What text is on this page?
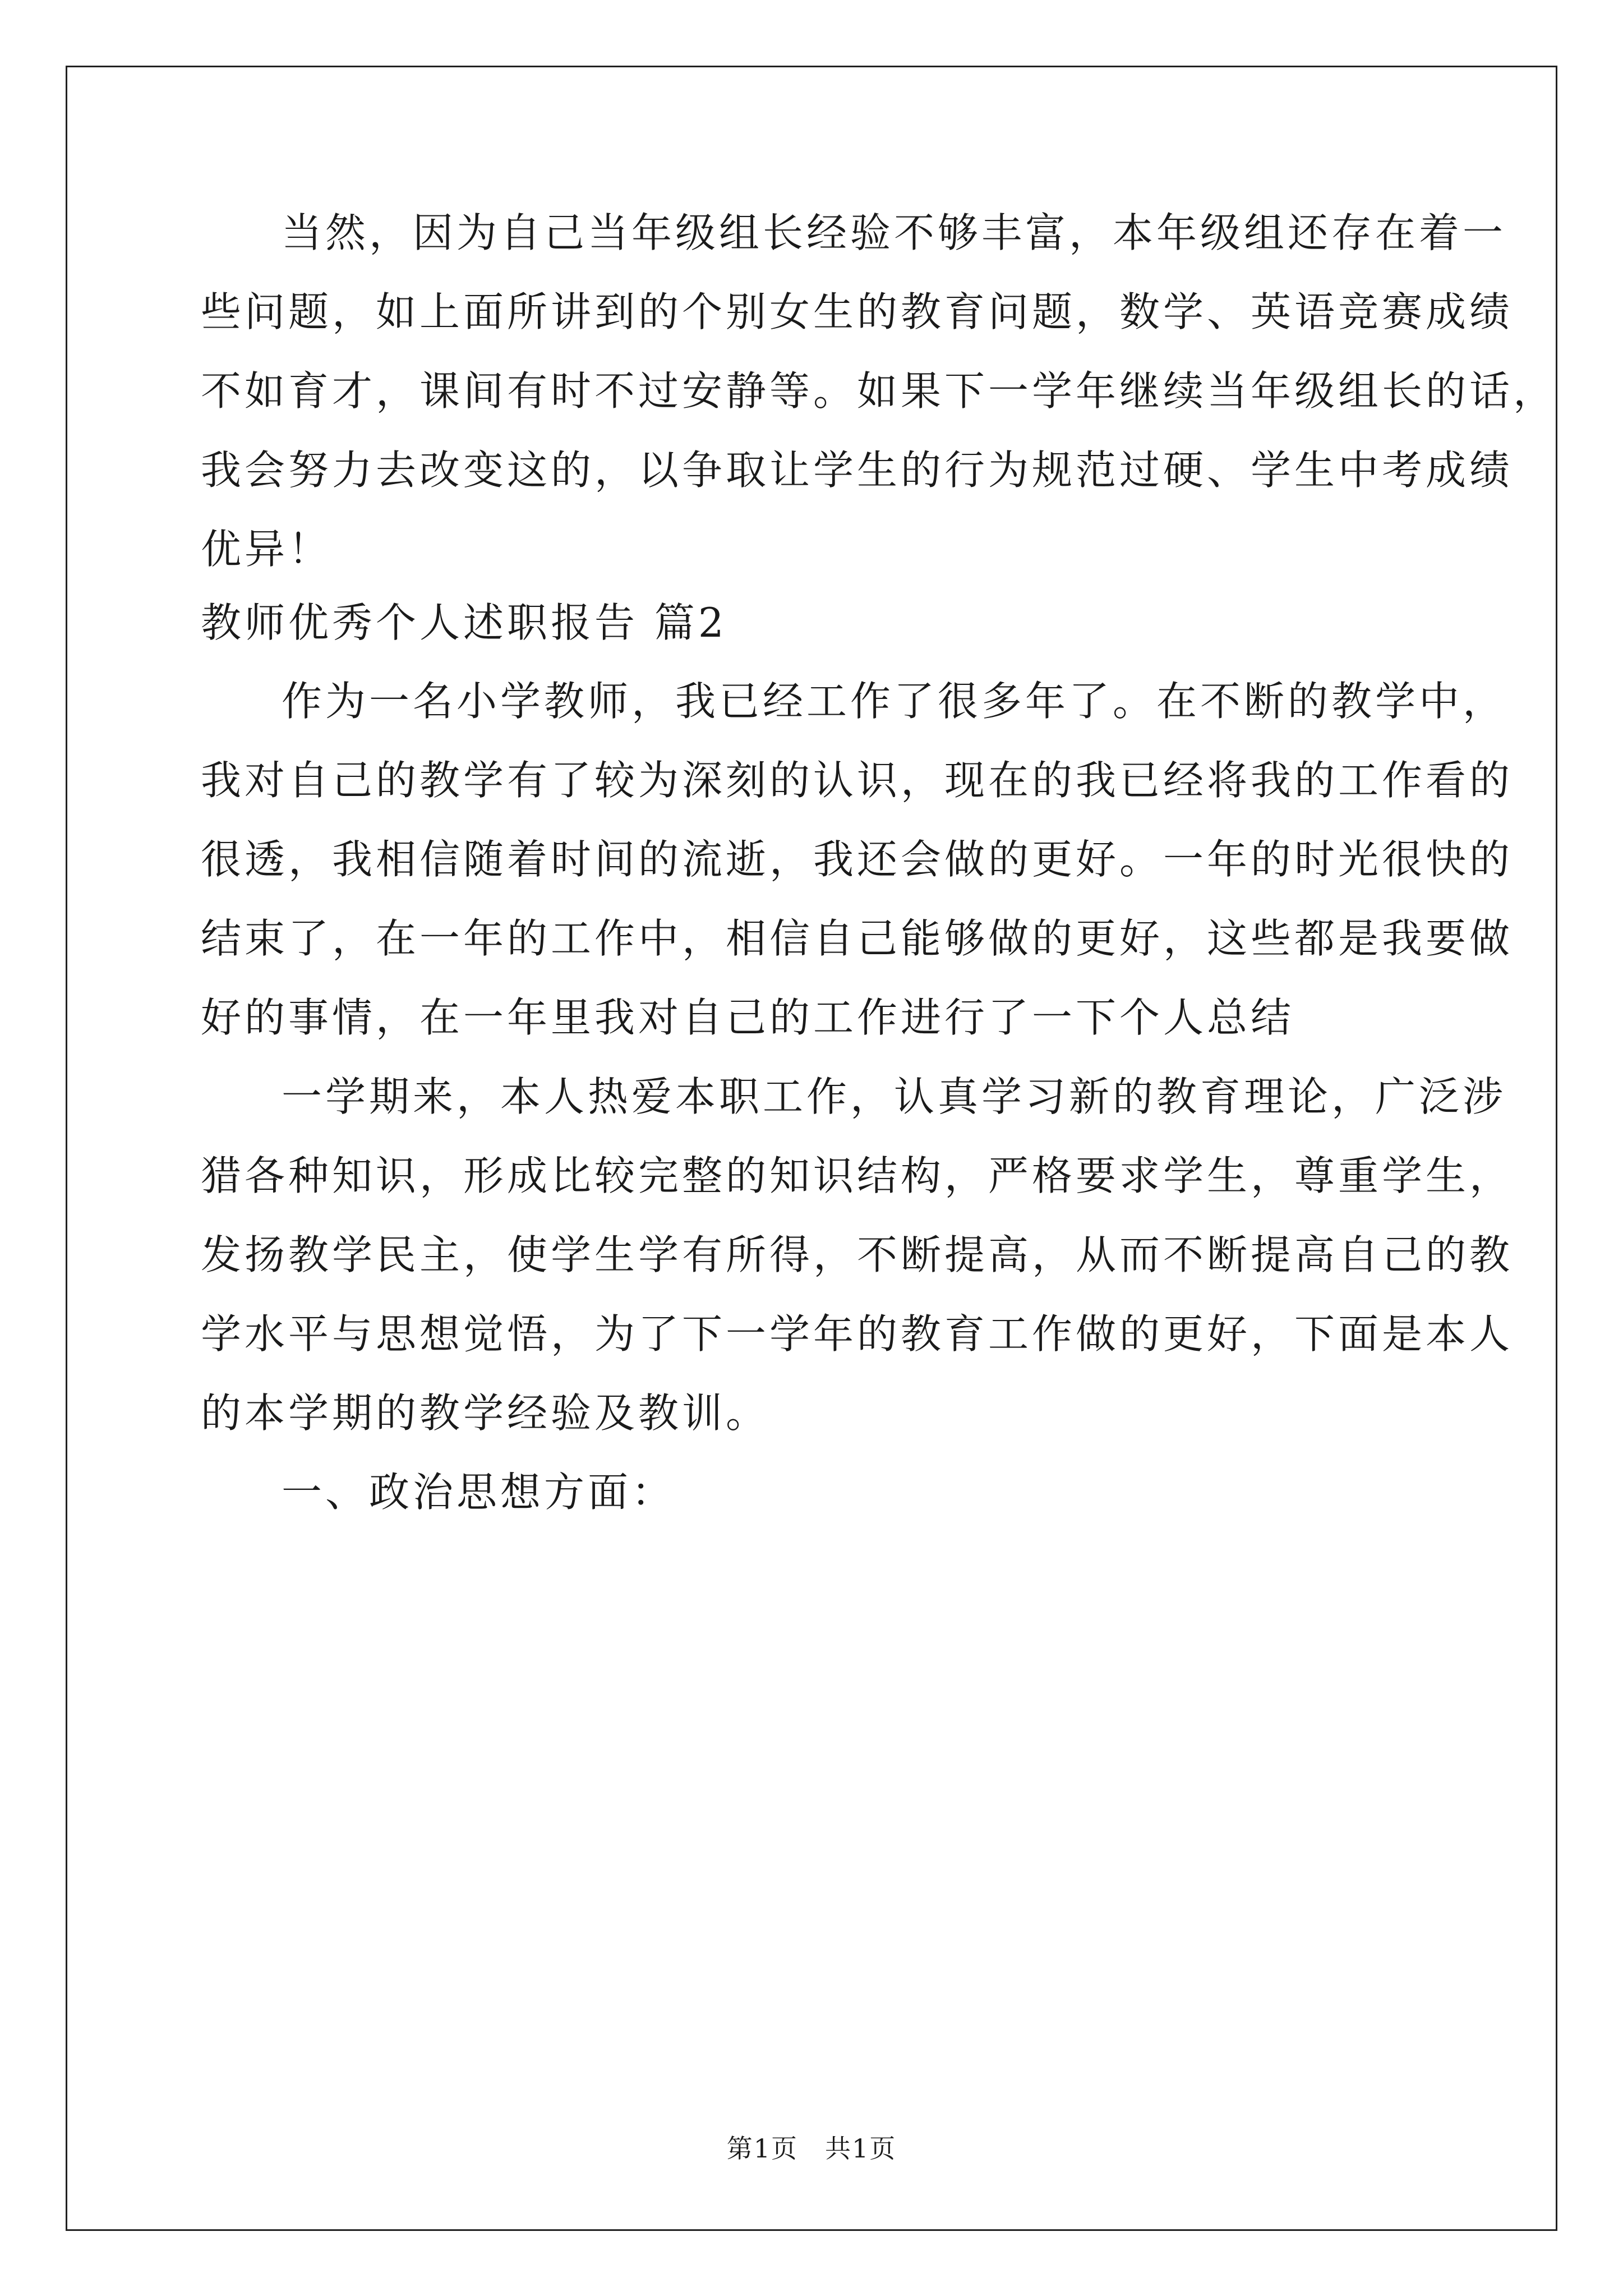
当然，因为自己当年级组长经验不够丰富，本年级组还存在着一
些问题，如上面所讲到的个别女生的教育问题，数学、英语竞赛成绩
不如育才，课间有时不过安静等。如果下一学年继续当年级组长的话，
我会努力去改变这的，以争取让学生的行为规范过硬、学生中考成绩
优异！
教师优秀个人述职报告 篇2
作为一名小学教师，我已经工作了很多年了。在不断的教学中，
我对自己的教学有了较为深刻的认识，现在的我已经将我的工作看的
很透，我相信随着时间的流逝，我还会做的更好。一年的时光很快的
结束了，在一年的工作中，相信自己能够做的更好，这些都是我要做
好的事情，在一年里我对自己的工作进行了一下个人总结
一学期来，本人热爱本职工作，认真学习新的教育理论，广泛涉
猎各种知识，形成比较完整的知识结构，严格要求学生，尊重学生，
发扬教学民主，使学生学有所得，不断提高，从而不断提高自己的教
学水平与思想觉悟，为了下一学年的教育工作做的更好，下面是本人
的本学期的教学经验及教训。
一、政治思想方面：
第1页　共1页
